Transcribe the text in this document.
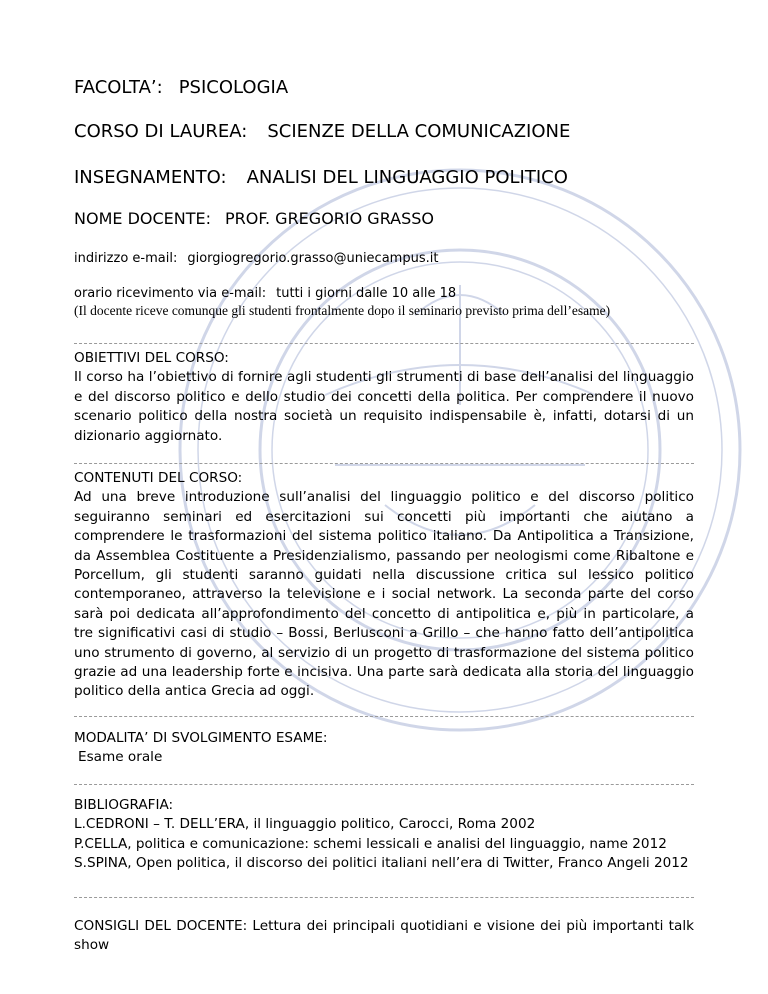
FACOLTA’: PSICOLOGIA
CORSO DI LAUREA: SCIENZE DELLA COMUNICAZIONE
INSEGNAMENTO: ANALISI DEL LINGUAGGIO POLITICO
NOME DOCENTE: PROF. GREGORIO GRASSO
indirizzo e-mail: giorgiogregorio.grasso@uniecampus.it
orario ricevimento via e-mail: tutti i giorni dalle 10 alle 18
(Il docente riceve comunque gli studenti frontalmente dopo il seminario previsto prima dell’esame)

OBIETTIVI DEL CORSO:

Il corso ha l’obiettivo di fornire agli studenti gli strumenti di base dell’analisi del linguaggio e del discorso politico e dello studio dei concetti della politica. Per comprendere il nuovo scenario politico della nostra società un requisito indispensabile è, infatti, dotarsi di un dizionario aggiornato.

CONTENUTI DEL CORSO:

Ad una breve introduzione sull’analisi del linguaggio politico e del discorso politico seguiranno seminari ed esercitazioni sui concetti più importanti che aiutano a comprendere le trasformazioni del sistema politico italiano. Da Antipolitica a Transizione, da Assemblea Costituente a Presidenzialismo, passando per neologismi come Ribaltone e Porcellum, gli studenti saranno guidati nella discussione critica sul lessico politico contemporaneo, attraverso la televisione e i social network. La seconda parte del corso sarà poi dedicata all’approfondimento del concetto di antipolitica e, più in particolare, a tre significativi casi di studio – Bossi, Berlusconi a Grillo – che hanno fatto dell’antipolitica uno strumento di governo, al servizio di un progetto di trasformazione del sistema politico grazie ad una leadership forte e incisiva. Una parte sarà dedicata alla storia del linguaggio politico della antica Grecia ad oggi.

MODALITA’ DI SVOLGIMENTO ESAME:

Esame orale

BIBLIOGRAFIA:

L.CEDRONI – T. DELL’ERA, il linguaggio politico, Carocci, Roma 2002

P.CELLA, politica e comunicazione: schemi lessicali e analisi del linguaggio, name 2012

S.SPINA, Open politica, il discorso dei politici italiani nell’era di Twitter, Franco Angeli 2012

CONSIGLI DEL DOCENTE: Lettura dei principali quotidiani e visione dei più importanti talk show
